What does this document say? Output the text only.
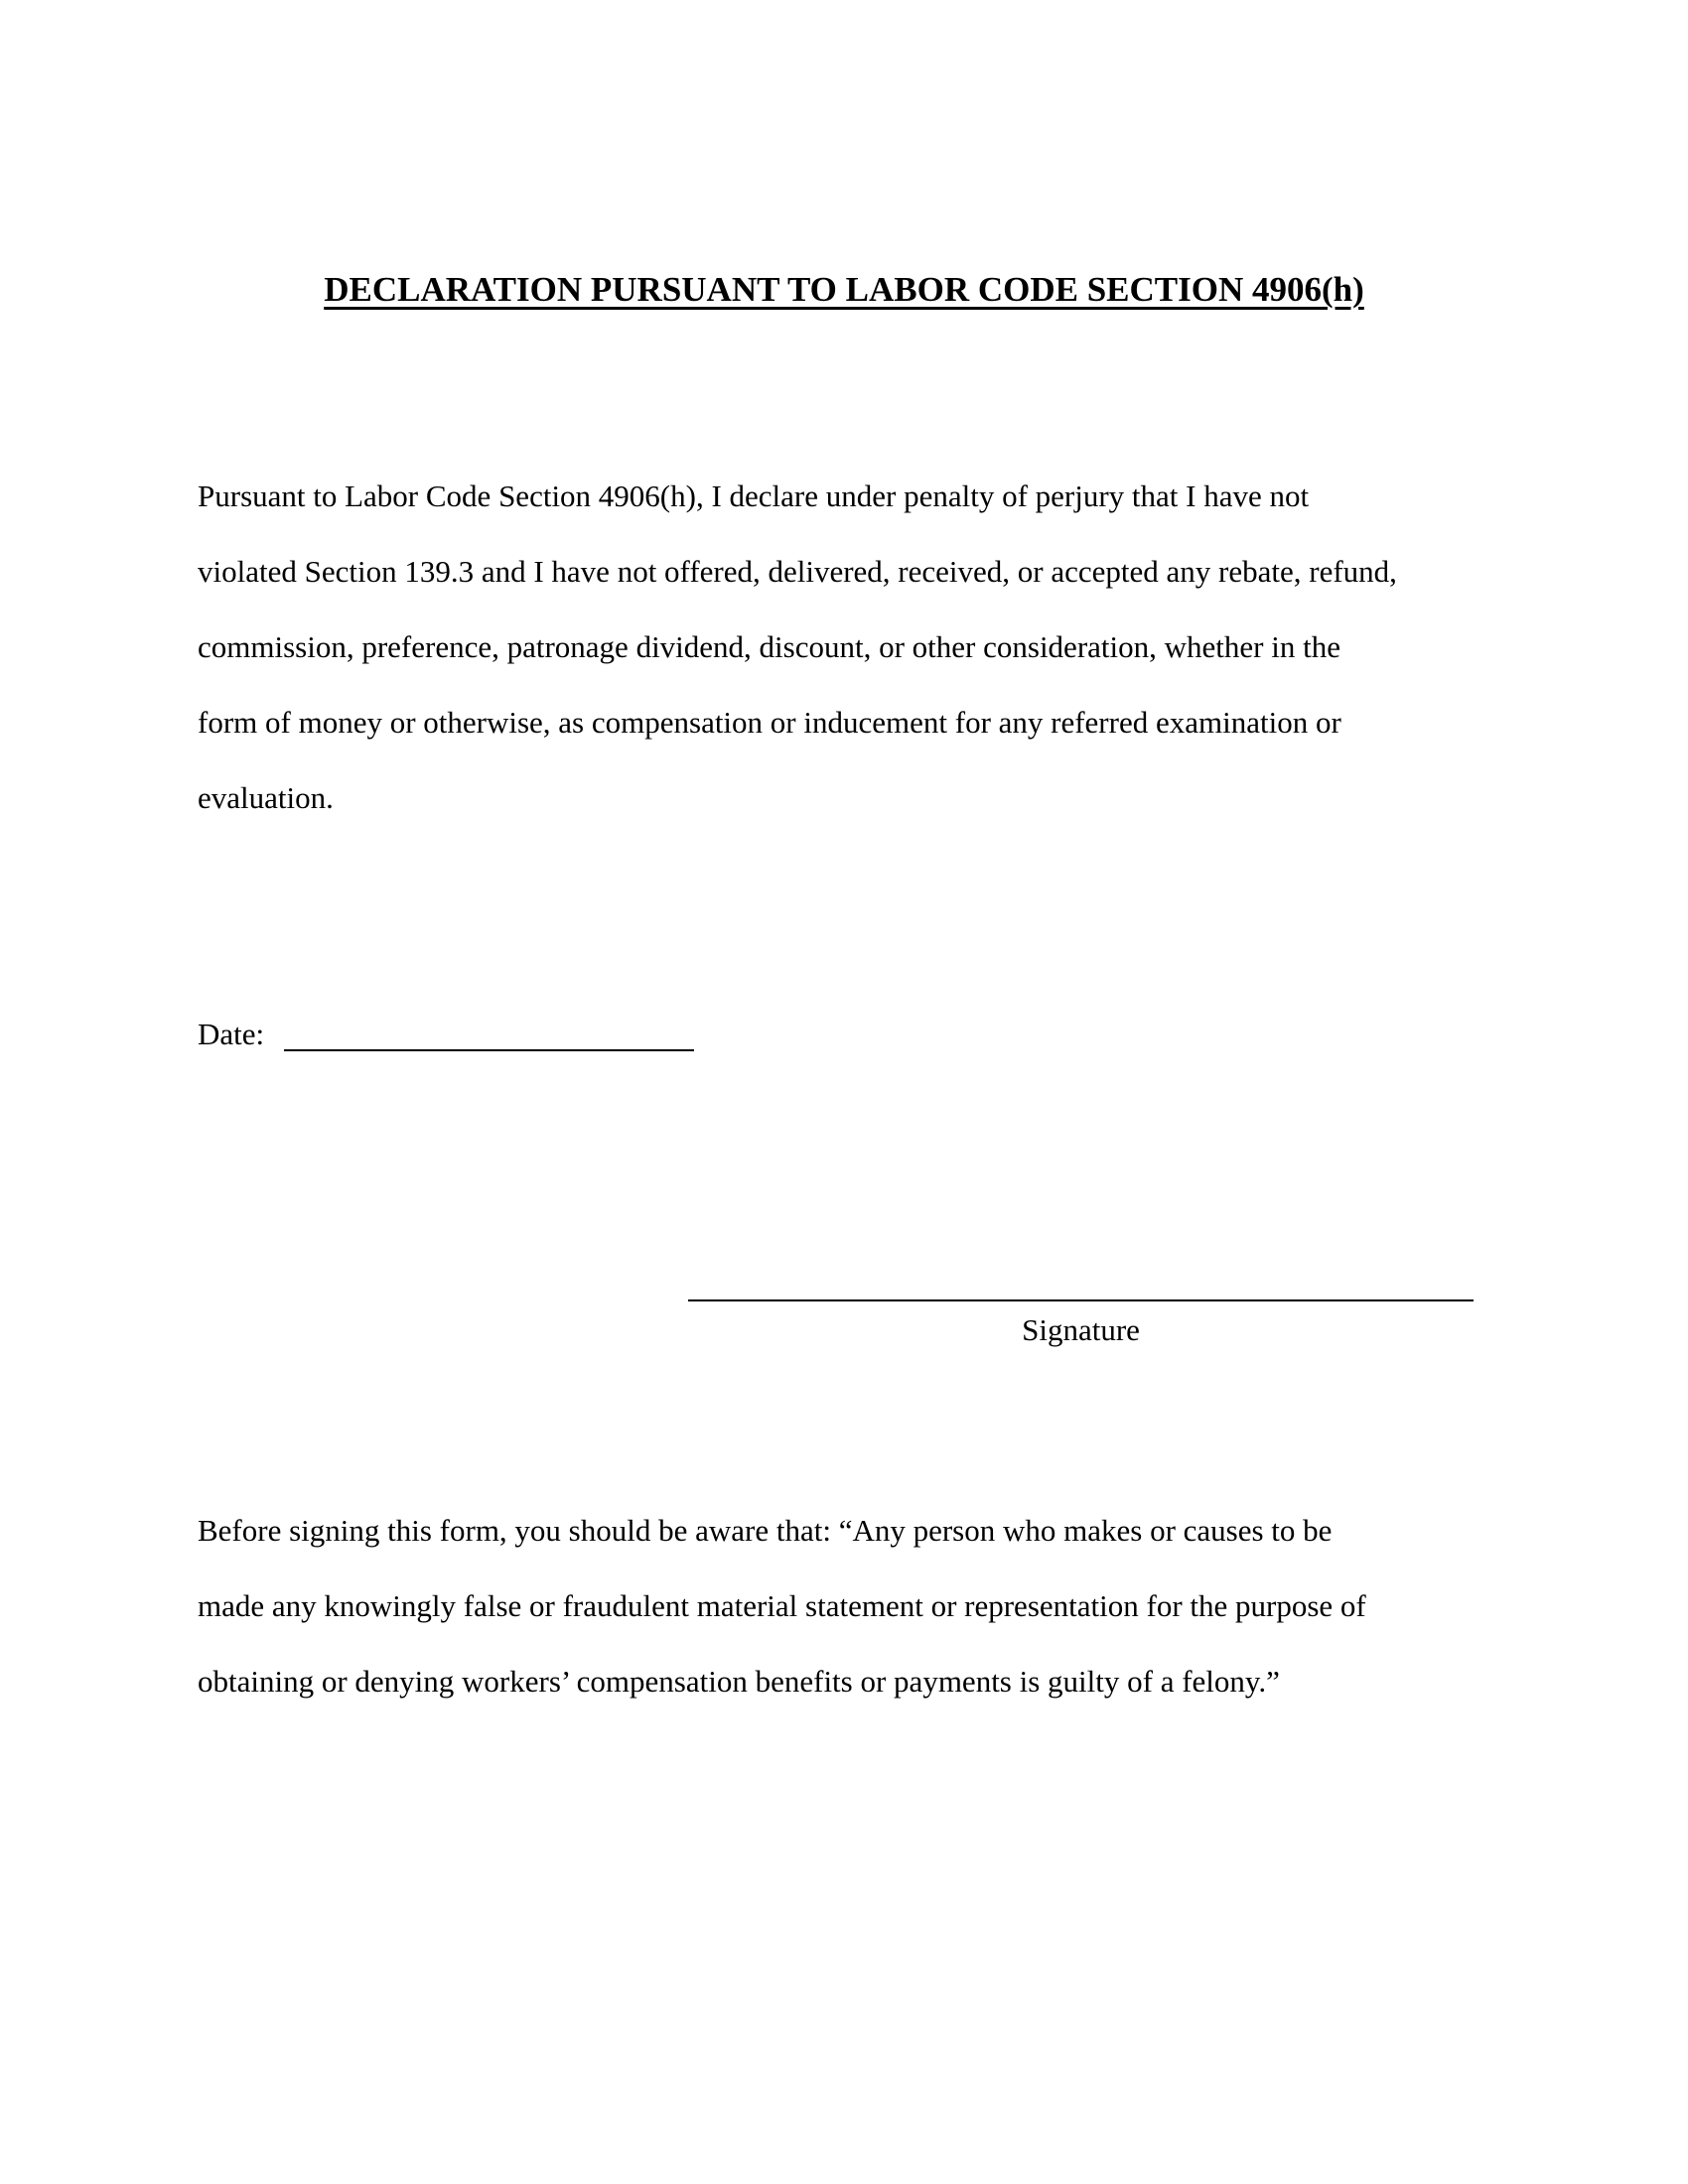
DECLARATION PURSUANT TO LABOR CODE SECTION 4906(h)
Pursuant to Labor Code Section 4906(h), I declare under penalty of perjury that I have not
violated Section 139.3 and I have not offered, delivered, received, or accepted any rebate, refund,
commission, preference, patronage dividend, discount, or other consideration, whether in the
form of money or otherwise, as compensation or inducement for any referred examination or
evaluation.
Date:
Signature
Before signing this form, you should be aware that: “Any person who makes or causes to be
made any knowingly false or fraudulent material statement or representation for the purpose of
obtaining or denying workers’ compensation benefits or payments is guilty of a felony.”
